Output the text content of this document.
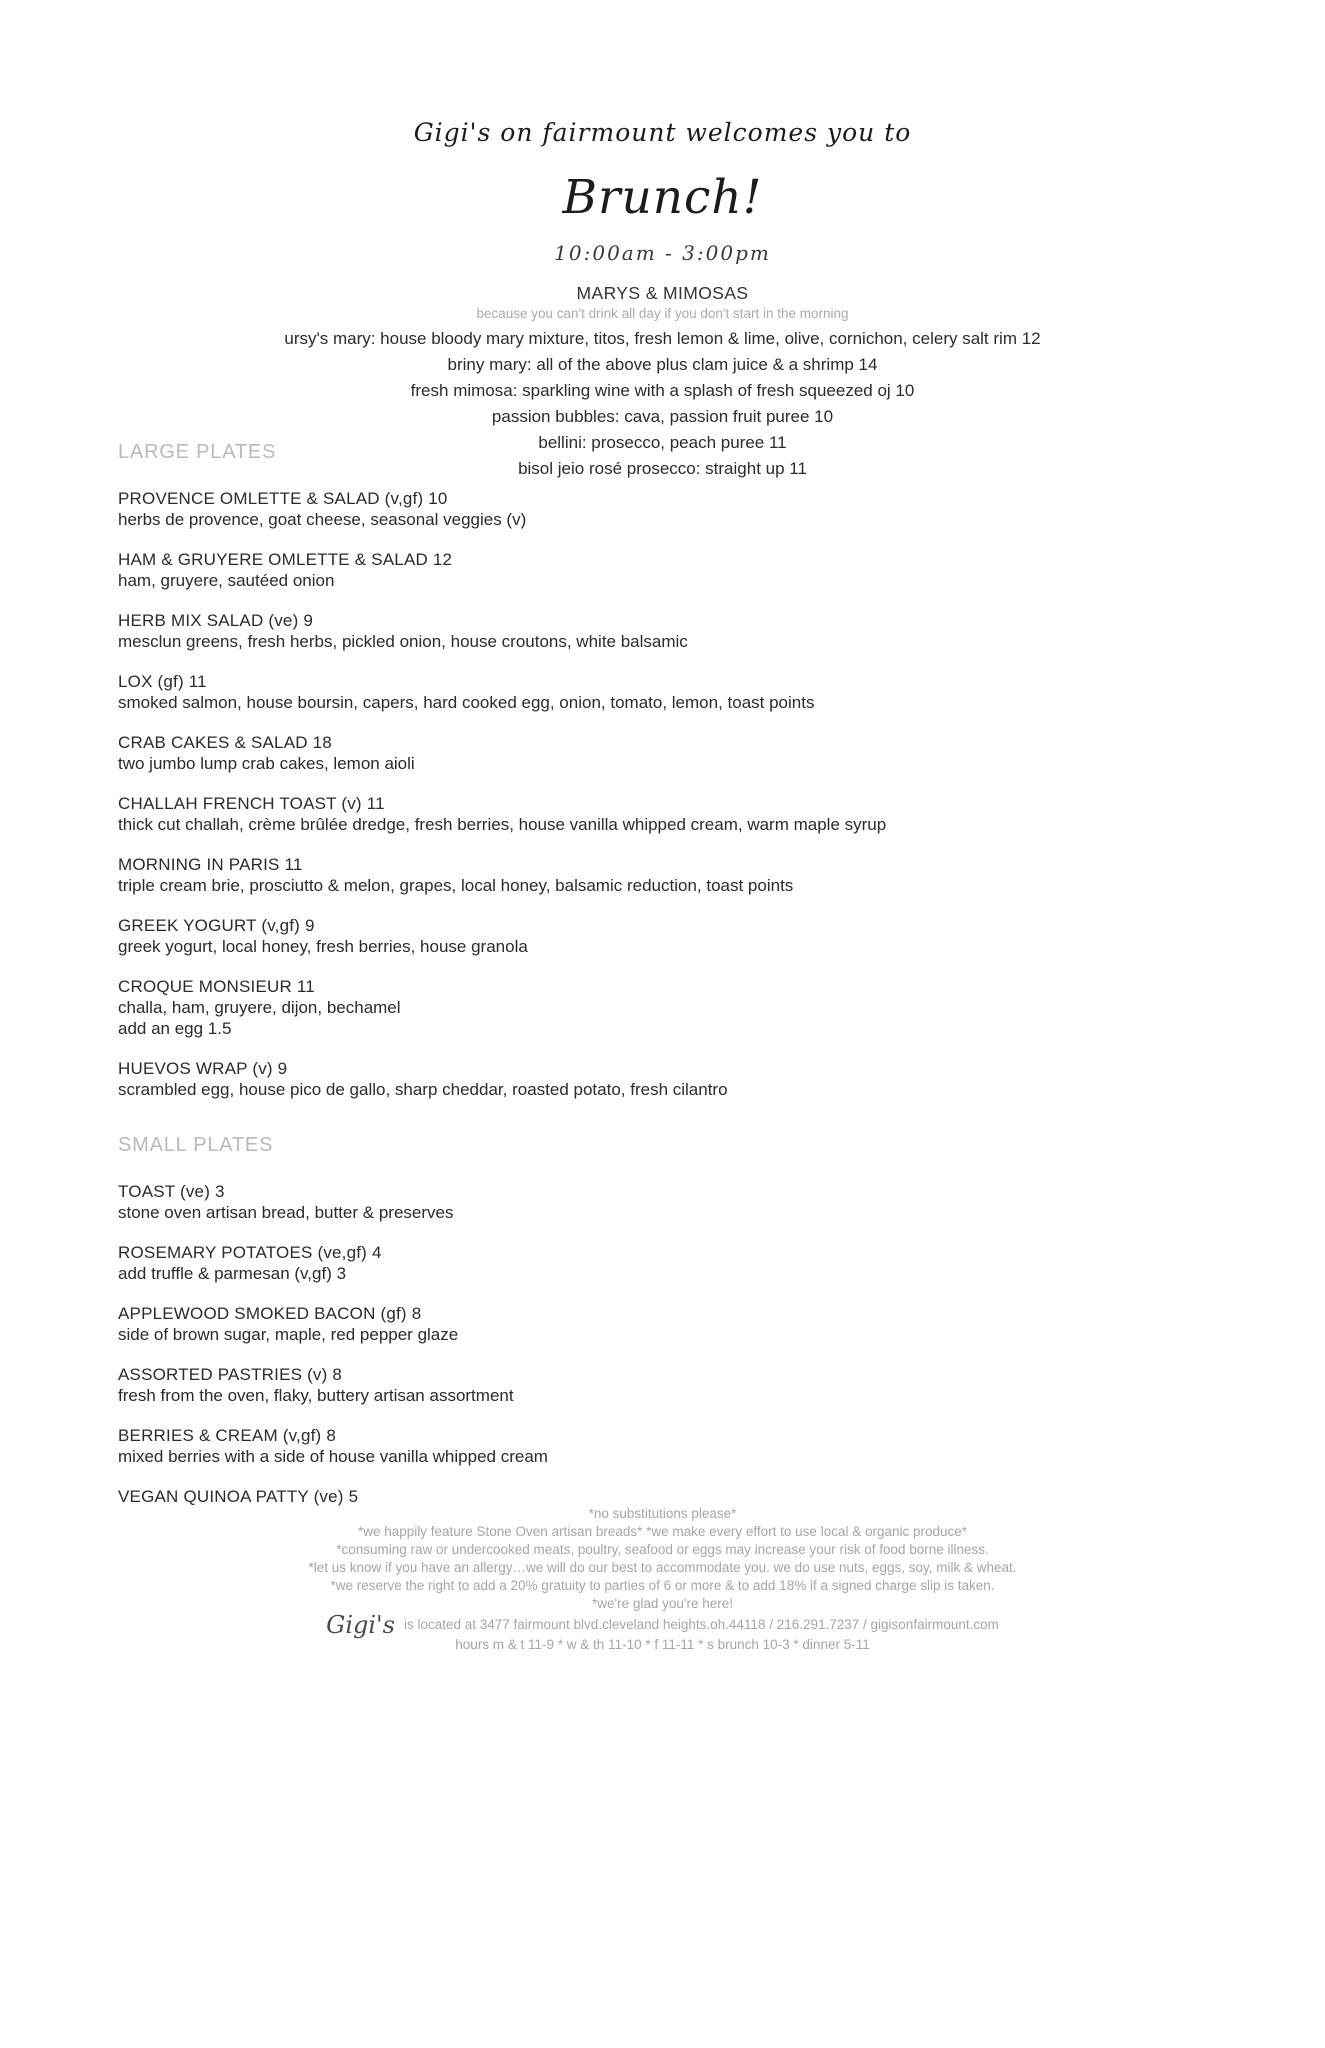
Gigi's on fairmount welcomes you to
Brunch!
10:00am - 3:00pm
MARYS & MIMOSAS
because you can't drink all day if you don't start in the morning
ursy's mary: house bloody mary mixture, titos, fresh lemon & lime, olive, cornichon, celery salt rim 12
briny mary: all of the above plus clam juice & a shrimp 14
fresh mimosa: sparkling wine with a splash of fresh squeezed oj 10
passion bubbles: cava, passion fruit puree 10
bellini: prosecco, peach puree 11
bisol jeio rosé prosecco: straight up 11
LARGE PLATES
PROVENCE OMLETTE & SALAD (v,gf) 10
herbs de provence, goat cheese, seasonal veggies (v)
HAM & GRUYERE OMLETTE & SALAD 12
ham, gruyere, sautéed onion
HERB MIX SALAD (ve) 9
mesclun greens, fresh herbs, pickled onion, house croutons, white balsamic
LOX (gf) 11
smoked salmon, house boursin, capers, hard cooked egg, onion, tomato, lemon, toast points
CRAB CAKES & SALAD 18
two jumbo lump crab cakes, lemon aioli
CHALLAH FRENCH TOAST (v) 11
thick cut challah, crème brûlée dredge, fresh berries, house vanilla whipped cream, warm maple syrup
MORNING IN PARIS 11
triple cream brie, prosciutto & melon, grapes, local honey, balsamic reduction, toast points
GREEK YOGURT (v,gf) 9
greek yogurt, local honey, fresh berries, house granola
CROQUE MONSIEUR 11
challa, ham, gruyere, dijon, bechamel
add an egg 1.5
HUEVOS WRAP (v) 9
scrambled egg, house pico de gallo, sharp cheddar, roasted potato, fresh cilantro
SMALL PLATES
TOAST (ve) 3
stone oven artisan bread, butter & preserves
ROSEMARY POTATOES (ve,gf) 4
add truffle & parmesan (v,gf) 3
APPLEWOOD SMOKED BACON (gf) 8
side of brown sugar, maple, red pepper glaze
ASSORTED PASTRIES (v) 8
fresh from the oven, flaky, buttery artisan assortment
BERRIES & CREAM (v,gf) 8
mixed berries with a side of house vanilla whipped cream
VEGAN QUINOA PATTY (ve) 5
*no substitutions please*
*we happily feature Stone Oven artisan breads* *we make every effort to use local & organic produce*
*consuming raw or undercooked meats, poultry, seafood or eggs may increase your risk of food borne illness.
*let us know if you have an allergy…we will do our best to accommodate you. we do use nuts, eggs, soy, milk & wheat.
*we reserve the right to add a 20% gratuity to parties of 6 or more & to add 18% if a signed charge slip is taken.
*we're glad you're here!
Gigi's is located at 3477 fairmount blvd.cleveland heights.oh.44118 / 216.291.7237 / gigisonfairmount.com
hours m & t 11-9 * w & th 11-10 * f 11-11 * s brunch 10-3 * dinner 5-11
